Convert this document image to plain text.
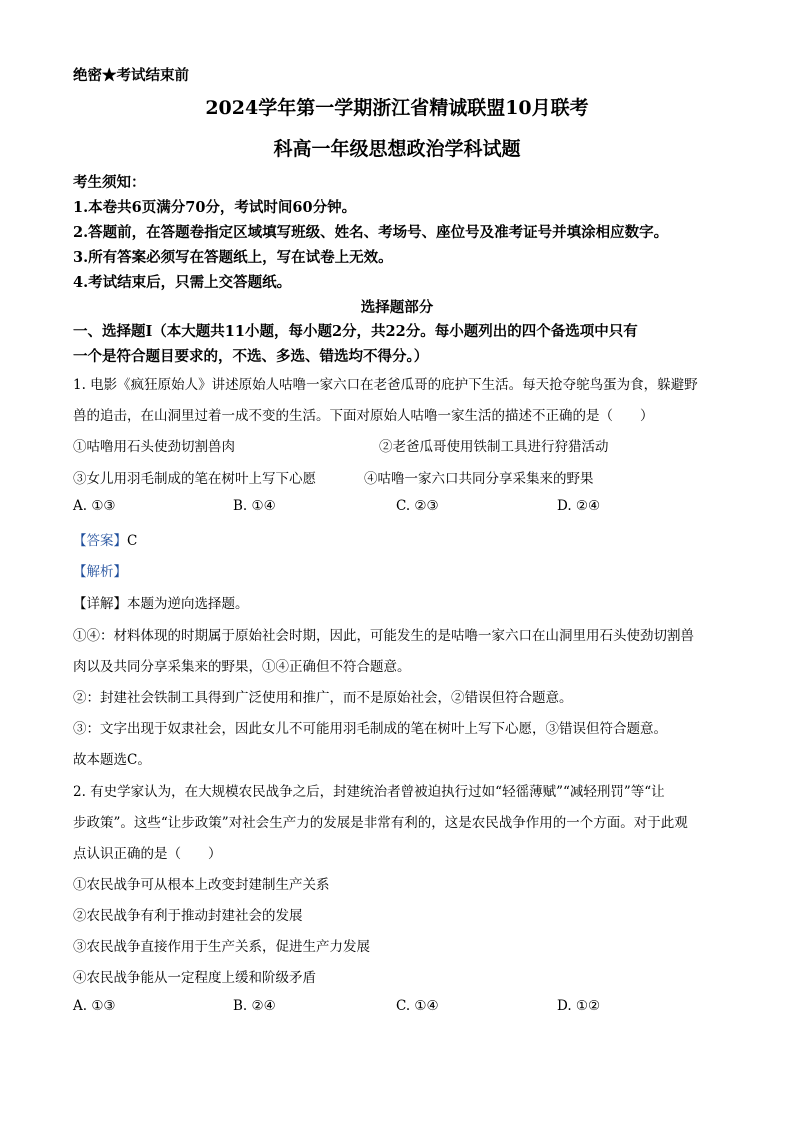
绝密★考试结束前
2024学年第一学期浙江省精诚联盟10月联考
科高一年级思想政治学科试题
考生须知：
1.本卷共6页满分70分，考试时间60分钟。
2.答题前，在答题卷指定区域填写班级、姓名、考场号、座位号及准考证号并填涂相应数字。
3.所有答案必须写在答题纸上，写在试卷上无效。
4.考试结束后，只需上交答题纸。
选择题部分
一、选择题Ⅰ（本大题共11小题，每小题2分，共22分。每小题列出的四个备选项中只有
一个是符合题目要求的，不选、多选、错选均不得分。）
1. 电影《疯狂原始人》讲述原始人咕噜一家六口在老爸瓜哥的庇护下生活。每天抢夺鸵鸟蛋为食，躲避野
兽的追击，在山洞里过着一成不变的生活。下面对原始人咕噜一家生活的描述不正确的是（　　）
①咕噜用石头使劲切割兽肉	②老爸瓜哥使用铁制工具进行狩猎活动
③女儿用羽毛制成的笔在树叶上写下心愿	④咕噜一家六口共同分享采集来的野果
A. ①③	B. ①④	C. ②③	D. ②④
【答案】C
【解析】
【详解】本题为逆向选择题。
①④：材料体现的时期属于原始社会时期，因此，可能发生的是咕噜一家六口在山洞里用石头使劲切割兽
肉以及共同分享采集来的野果，①④正确但不符合题意。
②：封建社会铁制工具得到广泛使用和推广，而不是原始社会，②错误但符合题意。
③：文字出现于奴隶社会，因此女儿不可能用羽毛制成的笔在树叶上写下心愿，③错误但符合题意。
故本题选C。
2. 有史学家认为，在大规模农民战争之后，封建统治者曾被迫执行过如“轻徭薄赋”“减轻刑罚”等“让
步政策”。这些“让步政策”对社会生产力的发展是非常有利的，这是农民战争作用的一个方面。对于此观
点认识正确的是（　　）
①农民战争可从根本上改变封建制生产关系
②农民战争有利于推动封建社会的发展
③农民战争直接作用于生产关系，促进生产力发展
④农民战争能从一定程度上缓和阶级矛盾
A. ①③	B. ②④	C. ①④	D. ①②
